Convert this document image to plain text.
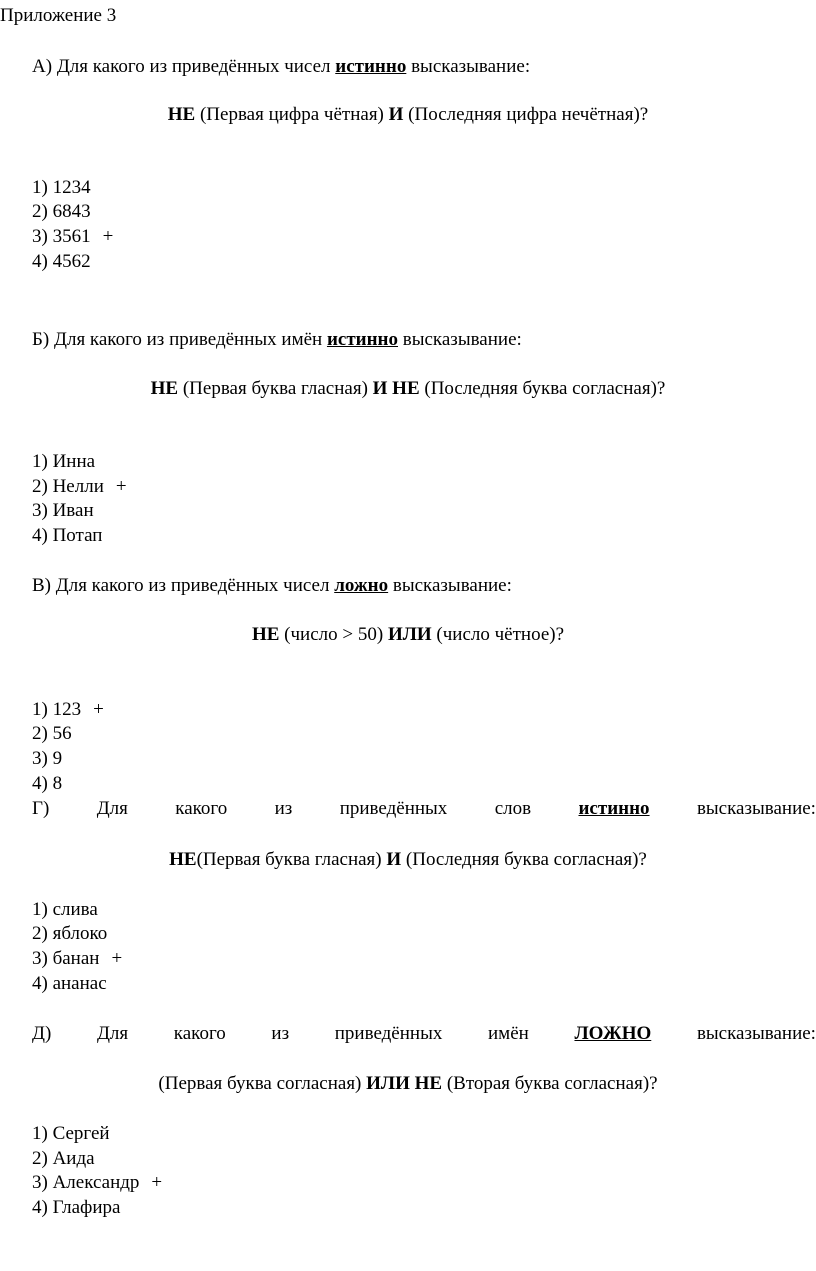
Приложение 3
А) Для какого из приведённых чисел истинно высказывание:
НЕ (Первая цифра чётная) И (Последняя цифра нечётная)?
1) 1234
2) 6843
3) 3561 +
4) 4562
Б) Для какого из приведённых имён истинно высказывание:
НЕ (Первая буква гласная) И НЕ (Последняя буква согласная)?
1) Инна
2) Нелли +
3) Иван
4) Потап
В) Для какого из приведённых чисел ложно высказывание:
НЕ (число > 50) ИЛИ (число чётное)?
1) 123 +
2) 56
3) 9
4) 8
Г) Для какого из приведённых слов истинно высказывание:
НЕ(Первая буква гласная) И (Последняя буква согласная)?
1) слива
2) яблоко
3) банан +
4) ананас
Д) Для какого из приведённых имён ЛОЖНО высказывание:
(Первая буква согласная) ИЛИ НЕ (Вторая буква согласная)?
1) Сергей
2) Аида
3) Александр +
4) Глафира
